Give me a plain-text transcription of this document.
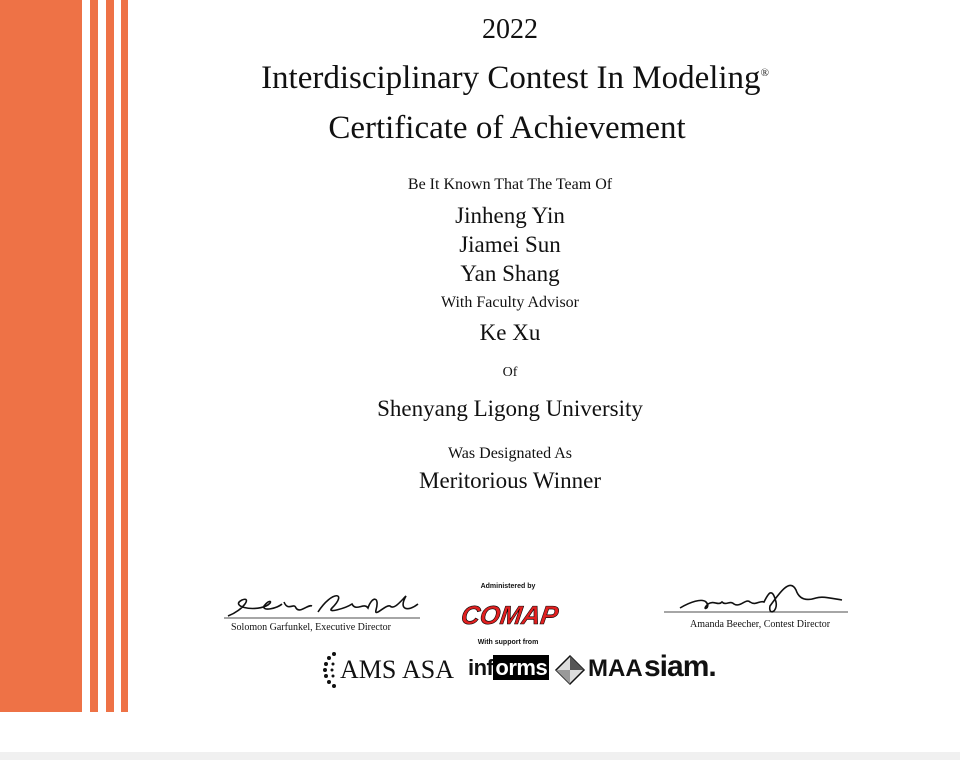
2022
Interdisciplinary Contest In Modeling®
Certificate of Achievement
Be It Known That The Team Of
Jinheng Yin
Jiamei Sun
Yan Shang
With Faculty Advisor
Ke Xu
Of
Shenyang Ligong University
Was Designated As
Meritorious Winner
Solomon Garfunkel, Executive Director
Administered by
COMAP
With support from
Amanda Beecher, Contest Director
AMS ASA informs MAA siam.
